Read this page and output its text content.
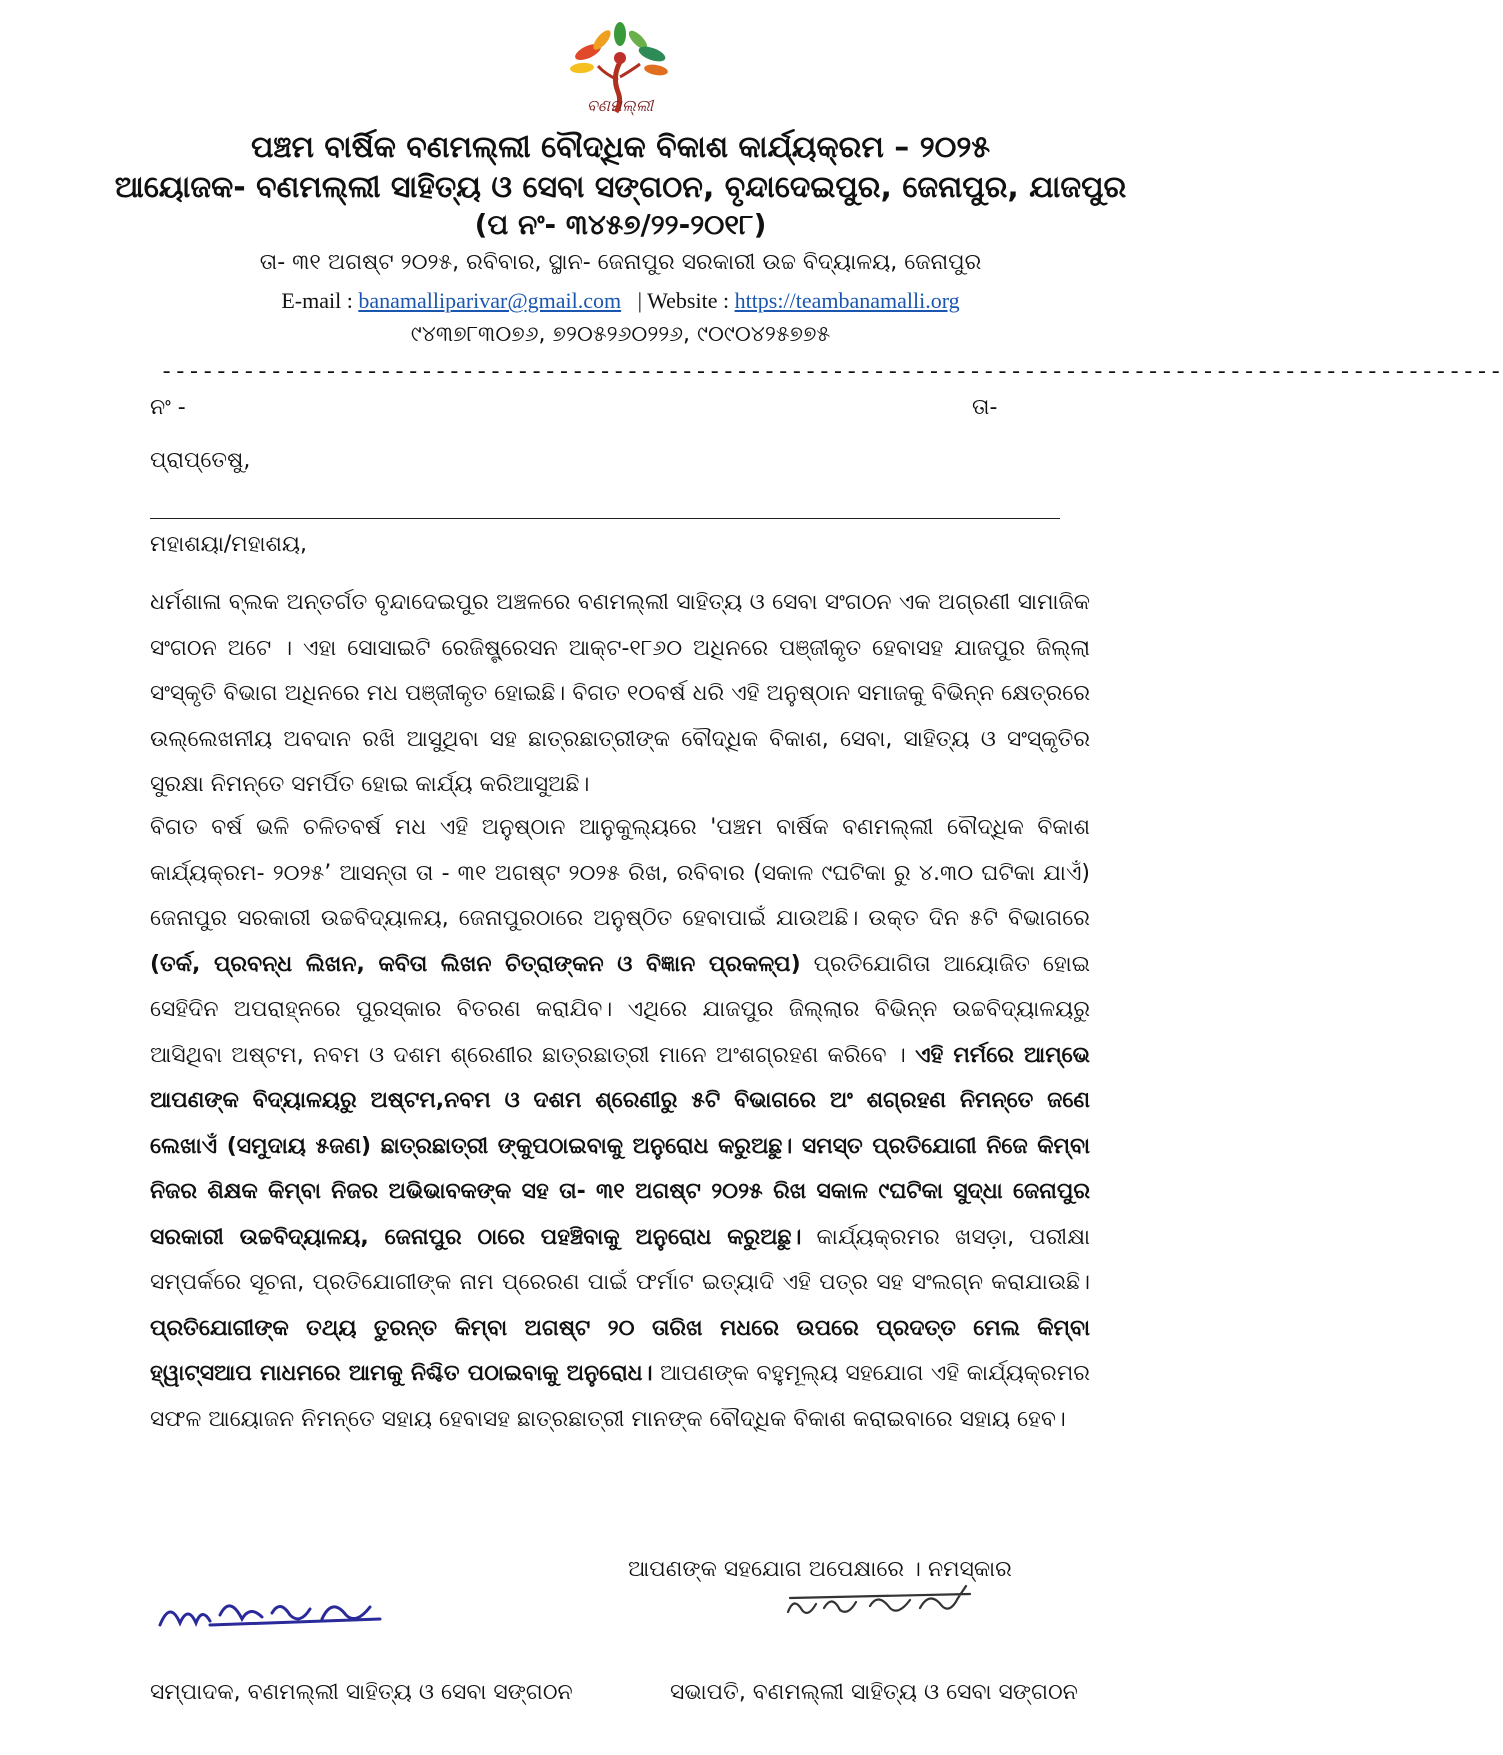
ବଣମଲ୍ଲୀ
ପଞ୍ଚମ ବାର୍ଷିକ ବଣମଲ୍ଲୀ ବୌଦ୍ଧିକ ବିକାଶ କାର୍ଯ୍ୟକ୍ରମ – ୨୦୨୫
ଆୟୋଜକ- ବଣମଲ୍ଲୀ ସାହିତ୍ୟ ଓ ସେବା ସଙ୍ଗଠନ, ବୃନ୍ଦାଦେଇପୁର, ଜେନାପୁର, ଯାଜପୁର
(ପ ନଂ- ୩୪୫୭/୨୨-୨୦୧୮)
ତା- ୩୧ ଅଗଷ୍ଟ ୨୦୨୫, ରବିବାର, ସ୍ଥାନ- ଜେନାପୁର ସରକାରୀ ଉଚ୍ଚ ବିଦ୍ୟାଳୟ, ଜେନାପୁର
E-mail : banamalliparivar@gmail.com | Website : https://teambanamalli.org
୯୪୩୭୮୩୦୭୬, ୭୨୦୫୨୬୦୨୨୬, ୯୦୯୦୪୨୫୭୭୫
--------------------------------------------------------------------------------------------------
ନଂ -	ତା-
ପ୍ରାପ୍ତେଷୁ,
ମହାଶୟା/ମହାଶୟ,
ଧର୍ମଶାଳା ବ୍ଲକ ଅନ୍ତର୍ଗତ ବୃନ୍ଦାଦେଇପୁର ଅଞ୍ଚଳରେ ବଣମଲ୍ଲୀ ସାହିତ୍ୟ ଓ ସେବା ସଂଗଠନ ଏକ ଅଗ୍ରଣୀ ସାମାଜିକ ସଂଗଠନ ଅଟେ । ଏହା ସୋସାଇଟି ରେଜିଷ୍ଟ୍ରେସନ ଆକ୍ଟ-୧୮୬୦ ଅଧିନରେ ପଞ୍ଜୀକୃତ ହେବାସହ ଯାଜପୁର ଜିଲ୍ଲା ସଂସ୍କୃତି ବିଭାଗ ଅଧିନରେ ମଧ ପଞ୍ଜୀକୃତ ହୋଇଛି। ବିଗତ ୧୦ବର୍ଷ ଧରି ଏହି ଅନୁଷ୍ଠାନ ସମାଜକୁ ବିଭିନ୍ନ କ୍ଷେତ୍ରରେ ଉଲ୍ଲେଖନୀୟ ଅବଦାନ ରଖି ଆସୁଥିବା ସହ ଛାତ୍ରଛାତ୍ରୀଙ୍କ ବୌଦ୍ଧିକ ବିକାଶ, ସେବା, ସାହିତ୍ୟ ଓ ସଂସ୍କୃତିର ସୁରକ୍ଷା ନିମନ୍ତେ ସମର୍ପିତ ହୋଇ କାର୍ଯ୍ୟ କରିଆସୁଅଛି।
ବିଗତ ବର୍ଷ ଭଳି ଚଳିତବର୍ଷ ମଧ ଏହି ଅନୁଷ୍ଠାନ ଆନୁକୁଲ୍ୟରେ 'ପଞ୍ଚମ ବାର୍ଷିକ ବଣମଲ୍ଲୀ ବୌଦ୍ଧିକ ବିକାଶ କାର୍ଯ୍ୟକ୍ରମ- ୨୦୨୫’ ଆସନ୍ତା ତା - ୩୧ ଅଗଷ୍ଟ ୨୦୨୫ ରିଖ, ରବିବାର (ସକାଳ ୯ଘଟିକା ରୁ ୪.୩୦ ଘଟିକା ଯାଏଁ) ଜେନାପୁର ସରକାରୀ ଉଚ୍ଚବିଦ୍ୟାଳୟ, ଜେନାପୁରଠାରେ ଅନୁଷ୍ଠିତ ହେବାପାଇଁ ଯାଉଅଛି। ଉକ୍ତ ଦିନ ୫ଟି ବିଭାଗରେ (ତର୍କ, ପ୍ରବନ୍ଧ ଲିଖନ, କବିତା ଲିଖନ ଚିତ୍ରାଙ୍କନ ଓ ବିଜ୍ଞାନ ପ୍ରକଳ୍ପ) ପ୍ରତିଯୋଗିତା ଆୟୋଜିତ ହୋଇ ସେହିଦିନ ଅପରାହ୍ନରେ ପୁରସ୍କାର ବିତରଣ କରାଯିବ। ଏଥିରେ ଯାଜପୁର ଜିଲ୍ଲାର ବିଭିନ୍ନ ଉଚ୍ଚବିଦ୍ୟାଳୟରୁ ଆସିଥିବା ଅଷ୍ଟମ, ନବମ ଓ ଦଶମ ଶ୍ରେଣୀର ଛାତ୍ରଛାତ୍ରୀ ମାନେ ଅଂଶଗ୍ରହଣ କରିବେ । ଏହି ମର୍ମରେ ଆମ୍ଭେ ଆପଣଙ୍କ ବିଦ୍ୟାଳୟରୁ ଅଷ୍ଟମ,ନବମ ଓ ଦଶମ ଶ୍ରେଣୀରୁ ୫ଟି ବିଭାଗରେ ଅଂ ଶଗ୍ରହଣ ନିମନ୍ତେ ଜଣେ ଲେଖାଏଁ (ସମୁଦାୟ ୫ଜଣ) ଛାତ୍ରଛାତ୍ରୀ ଙ୍କୁପଠାଇବାକୁ ଅନୁରୋଧ କରୁଅଛୁ। ସମସ୍ତ ପ୍ରତିଯୋଗୀ ନିଜେ କିମ୍ବା ନିଜର ଶିକ୍ଷକ କିମ୍ବା ନିଜର ଅଭିଭାବକଙ୍କ ସହ ତା- ୩୧ ଅଗଷ୍ଟ ୨୦୨୫ ରିଖ ସକାଳ ୯ଘଟିକା ସୁଦ୍ଧା ଜେନାପୁର ସରକାରୀ ଉଚ୍ଚବିଦ୍ୟାଳୟ, ଜେନାପୁର ଠାରେ ପହଞ୍ଚିବାକୁ ଅନୁରୋଧ କରୁଅଛୁ। କାର୍ଯ୍ୟକ୍ରମର ଖସଡ଼ା, ପରୀକ୍ଷା ସମ୍ପର୍କରେ ସୂଚନା, ପ୍ରତିଯୋଗୀଙ୍କ ନାମ ପ୍ରେରଣ ପାଇଁ ଫର୍ମାଟ ଇତ୍ୟାଦି ଏହି ପତ୍ର ସହ ସଂଲଗ୍ନ କରାଯାଉଛି। ପ୍ରତିଯୋଗୀଙ୍କ ତଥ୍ୟ ତୁରନ୍ତ କିମ୍ବା ଅଗଷ୍ଟ ୨୦ ତାରିଖ ମଧରେ ଉପରେ ପ୍ରଦତ୍ତ ମେଲ କିମ୍ବା ହ୍ୱାଟ୍ସଆପ ମାଧମରେ ଆମକୁ ନିଶ୍ଚିତ ପଠାଇବାକୁ ଅନୁରୋଧ। ଆପଣଙ୍କ ବହୁମୂଲ୍ୟ ସହଯୋଗ ଏହି କାର୍ଯ୍ୟକ୍ରମର ସଫଳ ଆୟୋଜନ ନିମନ୍ତେ ସହାୟ ହେବାସହ ଛାତ୍ରଛାତ୍ରୀ ମାନଙ୍କ ବୌଦ୍ଧିକ ବିକାଶ କରାଇବାରେ ସହାୟ ହେବ।
ଆପଣଙ୍କ ସହଯୋଗ ଅପେକ୍ଷାରେ । ନମସ୍କାର
ସମ୍ପାଦକ, ବଣମଲ୍ଲୀ ସାହିତ୍ୟ ଓ ସେବା ସଙ୍ଗଠନ	ସଭାପତି, ବଣମଲ୍ଲୀ ସାହିତ୍ୟ ଓ ସେବା ସଙ୍ଗଠନ
